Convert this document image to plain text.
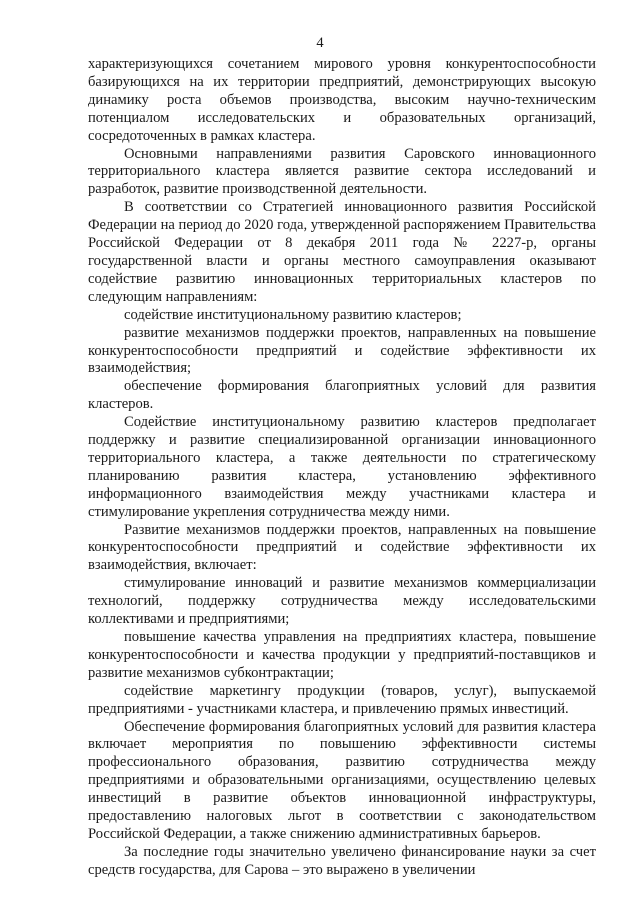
4

характеризующихся сочетанием мирового уровня конкурентоспособности базирующихся на их территории предприятий, демонстрирующих высокую динамику роста объемов производства, высоким научно-техническим потенциалом исследовательских и образовательных организаций, сосредоточенных в рамках кластера.

Основными направлениями развития Саровского инновационного территориального кластера является развитие сектора исследований и разработок, развитие производственной деятельности.

В соответствии со Стратегией инновационного развития Российской Федерации на период до 2020 года, утвержденной распоряжением Правительства Российской Федерации от 8 декабря 2011 года № 2227-р, органы государственной власти и органы местного самоуправления оказывают содействие развитию инновационных территориальных кластеров по следующим направлениям:

содействие институциональному развитию кластеров;

развитие механизмов поддержки проектов, направленных на повышение конкурентоспособности предприятий и содействие эффективности их взаимодействия;

обеспечение формирования благоприятных условий для развития кластеров.

Содействие институциональному развитию кластеров предполагает поддержку и развитие специализированной организации инновационного территориального кластера, а также деятельности по стратегическому планированию развития кластера, установлению эффективного информационного взаимодействия между участниками кластера и стимулирование укрепления сотрудничества между ними.

Развитие механизмов поддержки проектов, направленных на повышение конкурентоспособности предприятий и содействие эффективности их взаимодействия, включает:

стимулирование инноваций и развитие механизмов коммерциализации технологий, поддержку сотрудничества между исследовательскими коллективами и предприятиями;

повышение качества управления на предприятиях кластера, повышение конкурентоспособности и качества продукции у предприятий-поставщиков и развитие механизмов субконтрактации;

содействие маркетингу продукции (товаров, услуг), выпускаемой предприятиями - участниками кластера, и привлечению прямых инвестиций.

Обеспечение формирования благоприятных условий для развития кластера включает мероприятия по повышению эффективности системы профессионального образования, развитию сотрудничества между предприятиями и образовательными организациями, осуществлению целевых инвестиций в развитие объектов инновационной инфраструктуры, предоставлению налоговых льгот в соответствии с законодательством Российской Федерации, а также снижению административных барьеров.

За последние годы значительно увеличено финансирование науки за счет средств государства, для Сарова – это выражено в увеличении
